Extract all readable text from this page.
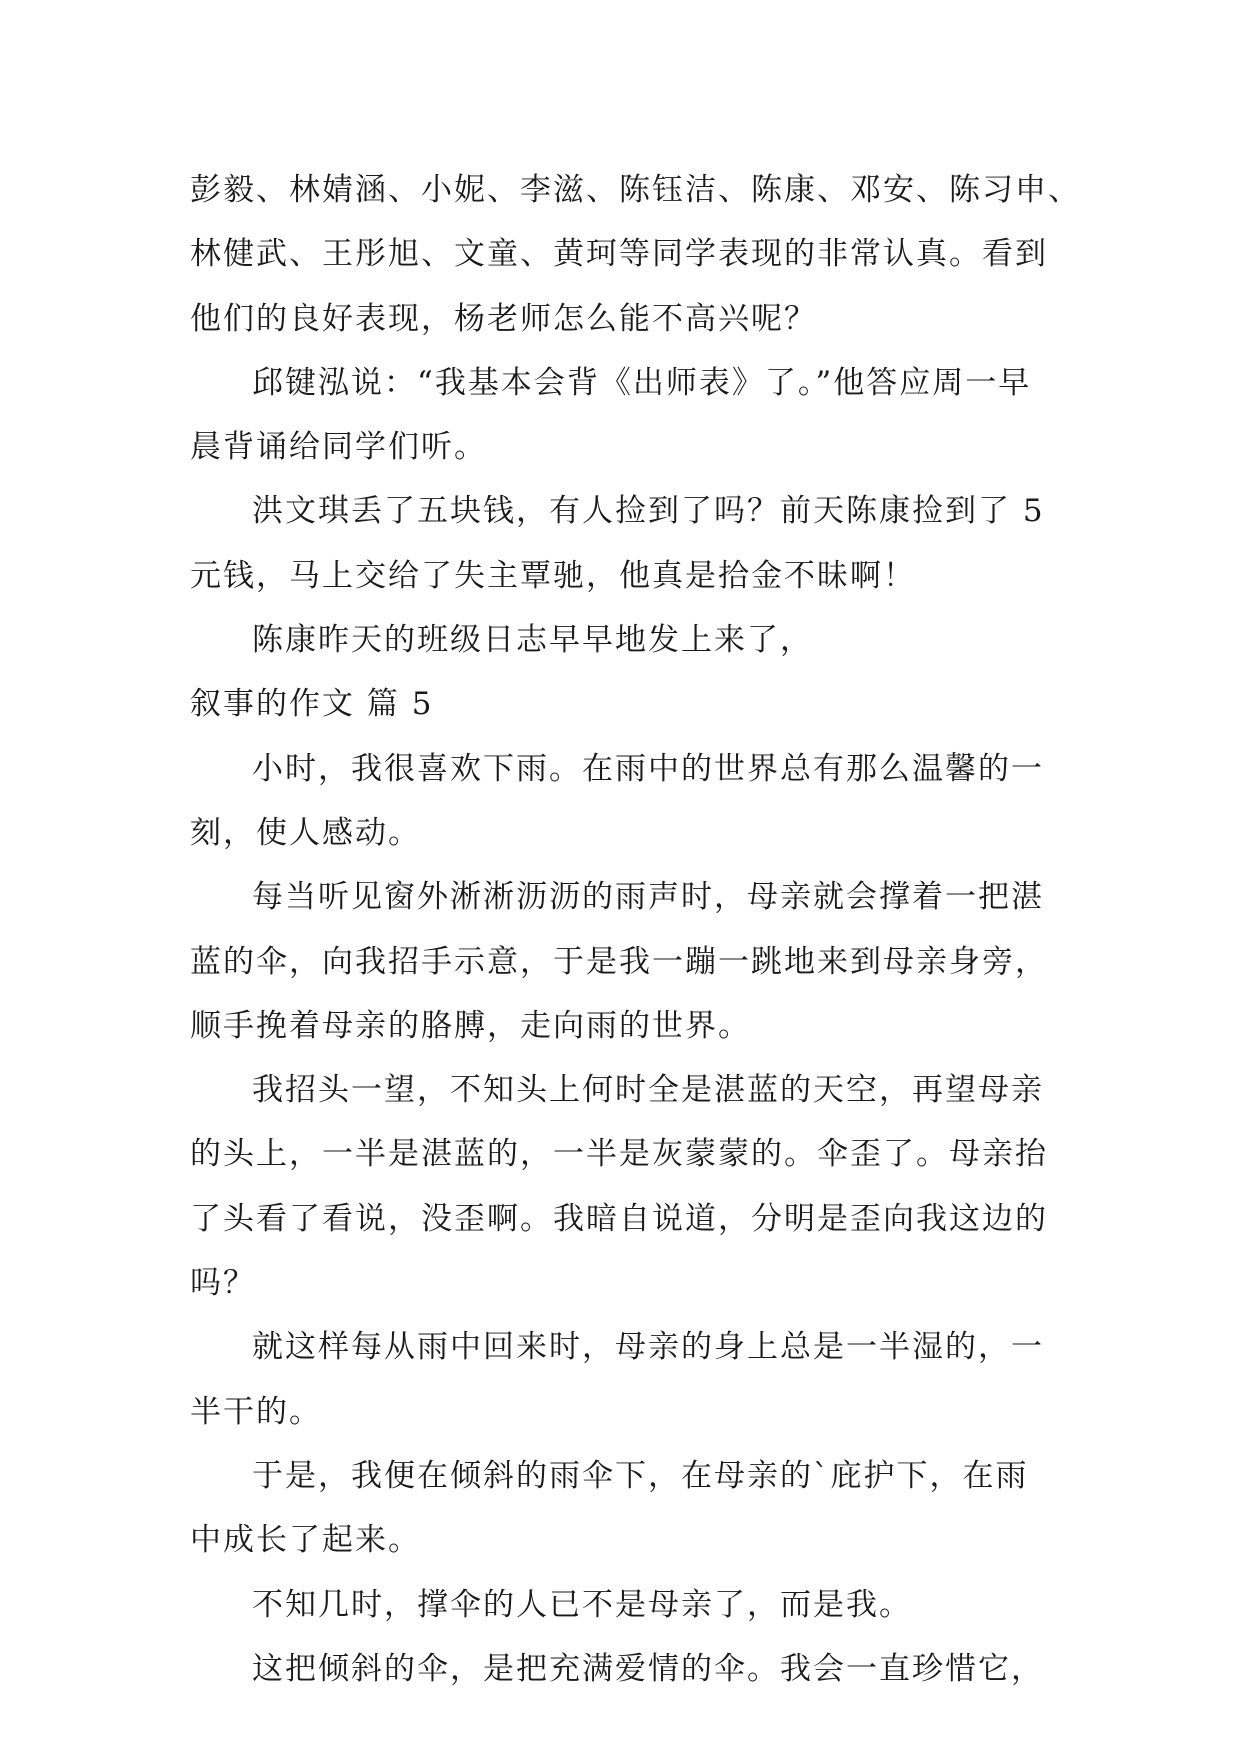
彭毅、林婧涵、小妮、李滋、陈钰洁、陈康、邓安、陈习申、
林健武、王彤旭、文童、黄珂等同学表现的非常认真。看到
他们的良好表现，杨老师怎么能不高兴呢？
邱键泓说：“我基本会背《出师表》了。”他答应周一早
晨背诵给同学们听。
洪文琪丢了五块钱，有人捡到了吗？前天陈康捡到了 5
元钱，马上交给了失主覃驰，他真是拾金不昧啊！
陈康昨天的班级日志早早地发上来了，
叙事的作文 篇 5
小时，我很喜欢下雨。在雨中的世界总有那么温馨的一
刻，使人感动。
每当听见窗外淅淅沥沥的雨声时，母亲就会撑着一把湛
蓝的伞，向我招手示意，于是我一蹦一跳地来到母亲身旁，
顺手挽着母亲的胳膊，走向雨的世界。
我招头一望，不知头上何时全是湛蓝的天空，再望母亲
的头上，一半是湛蓝的，一半是灰蒙蒙的。伞歪了。母亲抬
了头看了看说，没歪啊。我暗自说道，分明是歪向我这边的
吗？
就这样每从雨中回来时，母亲的身上总是一半湿的，一
半干的。
于是，我便在倾斜的雨伞下，在母亲的`庇护下，在雨
中成长了起来。
不知几时，撑伞的人已不是母亲了，而是我。
这把倾斜的伞，是把充满爱情的伞。我会一直珍惜它，
